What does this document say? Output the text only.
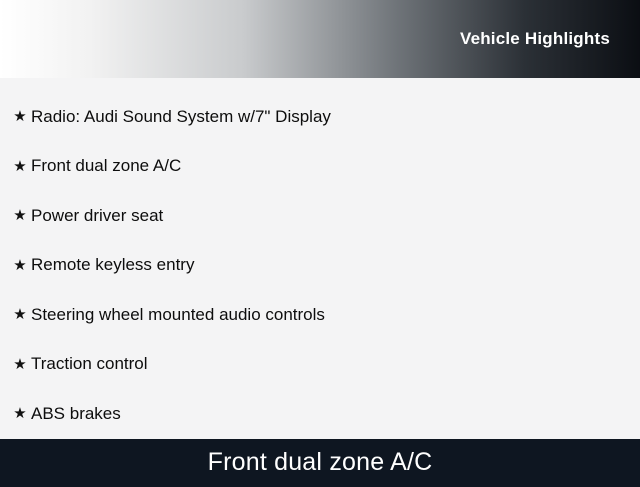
Vehicle Highlights
★ Radio: Audi Sound System w/7" Display
★ Front dual zone A/C
★ Power driver seat
★ Remote keyless entry
★ Steering wheel mounted audio controls
★ Traction control
★ ABS brakes
Front dual zone A/C
